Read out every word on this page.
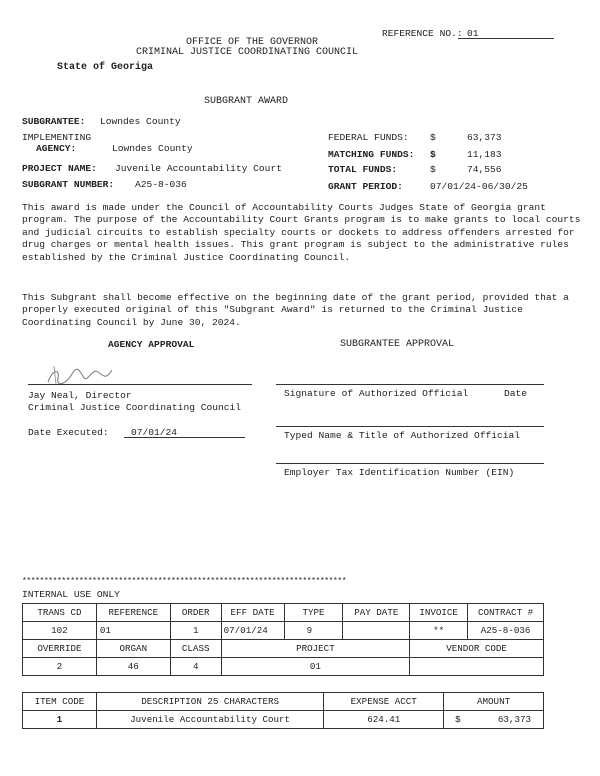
REFERENCE NO.: 01
OFFICE OF THE GOVERNOR
CRIMINAL JUSTICE COORDINATING COUNCIL
State of Georiga
SUBGRANT AWARD
SUBGRANTEE: Lowndes County
IMPLEMENTING
AGENCY:	Lowndes County
PROJECT NAME: Juvenile Accountability Court
SUBGRANT NUMBER: A25-8-036
FEDERAL FUNDS: $	63,373
MATCHING FUNDS: $	11,183
TOTAL FUNDS:	$	74,556
GRANT PERIOD:	07/01/24-06/30/25
This award is made under the Council of Accountability Courts Judges State of Georgia grant program. The purpose of the Accountability Court Grants program is to make grants to local courts and judicial circuits to establish specialty courts or dockets to address offenders arrested for drug charges or mental health issues. This grant program is subject to the administrative rules established by the Criminal Justice Coordinating Council.
This Subgrant shall become effective on the beginning date of the grant period, provided that a properly executed original of this "Subgrant Award" is returned to the Criminal Justice Coordinating Council by June 30, 2024.
AGENCY APPROVAL	SUBGRANTEE APPROVAL
Jay Neal, Director
Criminal Justice Coordinating Council
Date Executed: 07/01/24
Signature of Authorized Official	Date
Typed Name & Title of Authorized Official
Employer Tax Identification Number (EIN)
**************************************************************************
INTERNAL USE ONLY
TRANS CD	REFERENCE	ORDER	EFF DATE	TYPE	PAY DATE	INVOICE	CONTRACT #
102	01	1	07/01/24	9		**	A25-8-036
OVERRIDE	ORGAN	CLASS	PROJECT			VENDOR CODE	
2	46	4	01				
ITEM CODE	DESCRIPTION 25 CHARACTERS	EXPENSE ACCT	AMOUNT	
1	Juvenile Accountability Court	624.41	$	63,373
